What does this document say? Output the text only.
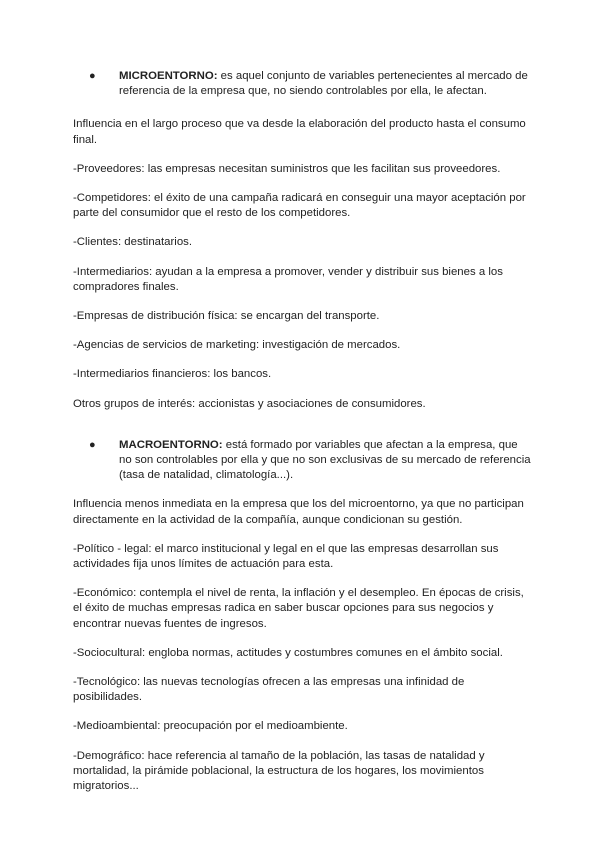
●	MICROENTORNO: es aquel conjunto de variables pertenecientes al mercado de referencia de la empresa que, no siendo controlables por ella, le afectan.

Influencia en el largo proceso que va desde la elaboración del producto hasta el consumo final.

-Proveedores: las empresas necesitan suministros que les facilitan sus proveedores.

-Competidores: el éxito de una campaña radicará en conseguir una mayor aceptación por parte del consumidor que el resto de los competidores.

-Clientes: destinatarios.

-Intermediarios: ayudan a la empresa a promover, vender y distribuir sus bienes a los compradores finales.

-Empresas de distribución física: se encargan del transporte.

-Agencias de servicios de marketing: investigación de mercados.

-Intermediarios financieros: los bancos.

Otros grupos de interés: accionistas y asociaciones de consumidores.

●	MACROENTORNO: está formado por variables que afectan a la empresa, que no son controlables por ella y que no son exclusivas de su mercado de referencia (tasa de natalidad, climatología...).

Influencia menos inmediata en la empresa que los del microentorno, ya que no participan directamente en la actividad de la compañía, aunque condicionan su gestión.

-Político - legal: el marco institucional y legal en el que las empresas desarrollan sus actividades fija unos límites de actuación para esta.

-Económico: contempla el nivel de renta, la inflación y el desempleo. En épocas de crisis, el éxito de muchas empresas radica en saber buscar opciones para sus negocios y encontrar nuevas fuentes de ingresos.

-Sociocultural: engloba normas, actitudes y costumbres comunes en el ámbito social.

-Tecnológico: las nuevas tecnologías ofrecen a las empresas una infinidad de posibilidades.

-Medioambiental: preocupación por el medioambiente.

-Demográfico: hace referencia al tamaño de la población, las tasas de natalidad y mortalidad, la pirámide poblacional, la estructura de los hogares, los movimientos migratorios...
